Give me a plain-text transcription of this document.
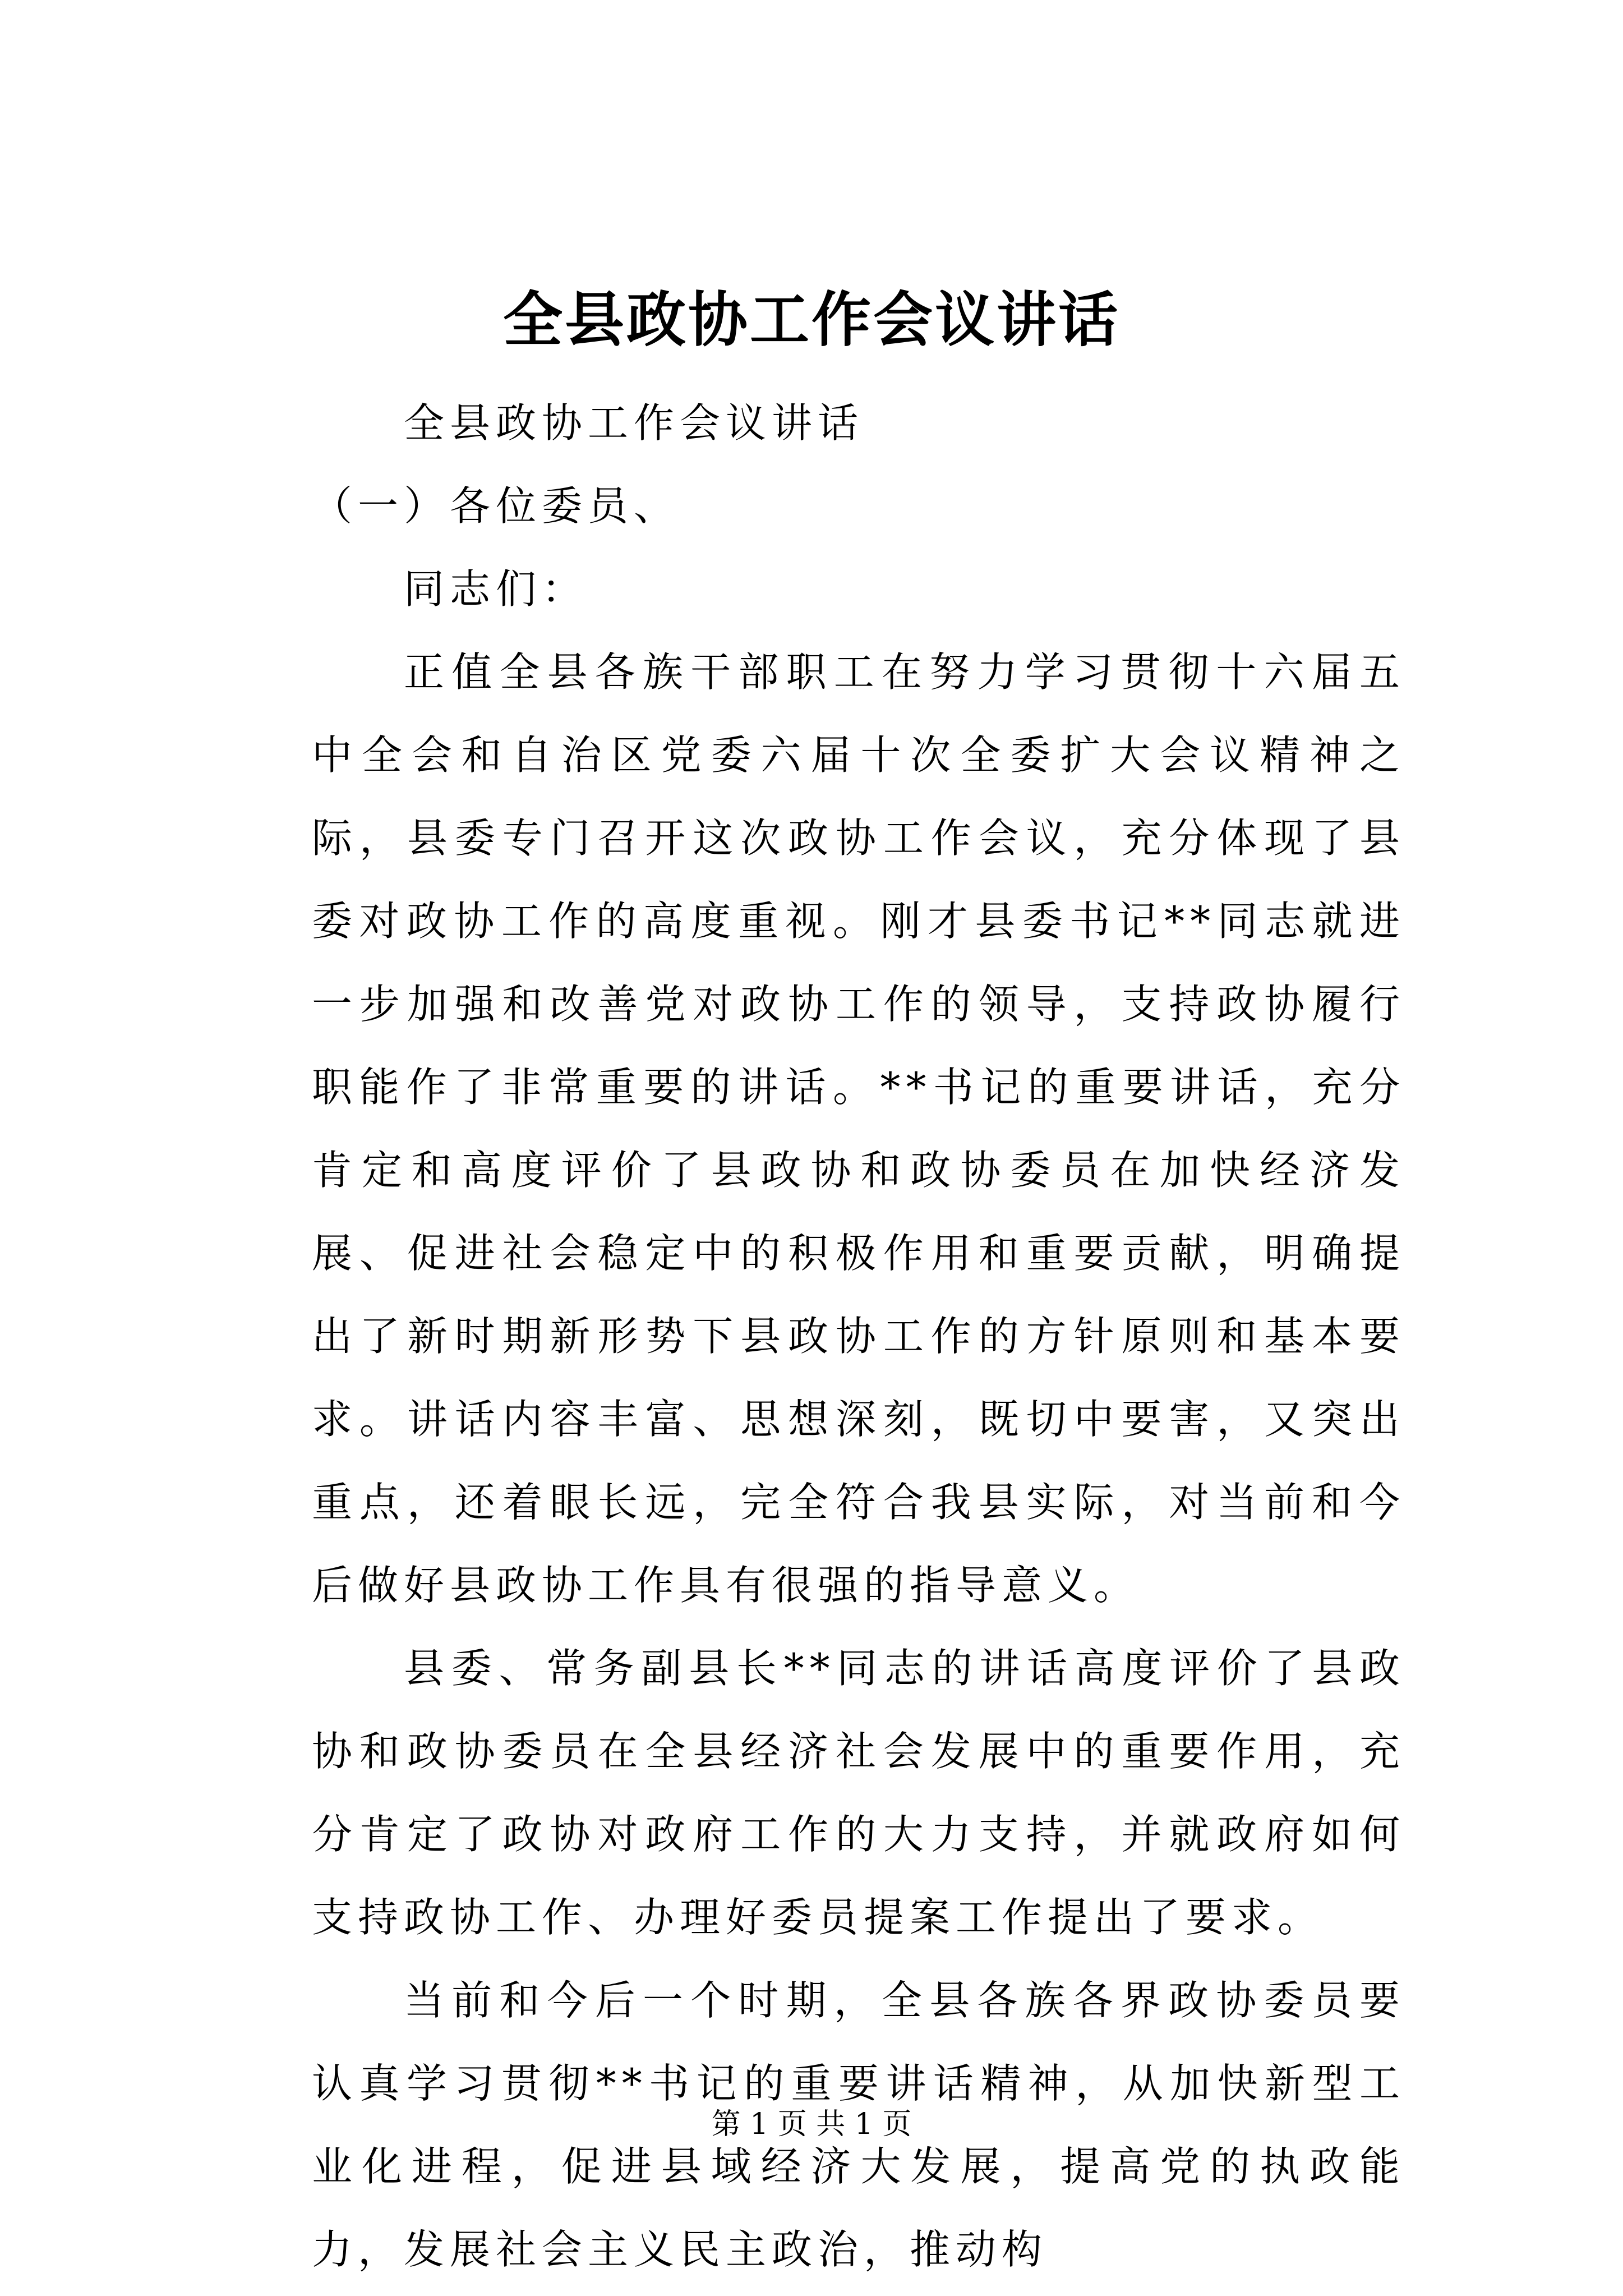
全县政协工作会议讲话

全县政协工作会议讲话

（一）各位委员、

同志们：

正值全县各族干部职工在努力学习贯彻十六届五中全会和自治区党委六届十次全委扩大会议精神之际，县委专门召开这次政协工作会议，充分体现了县委对政协工作的高度重视。刚才县委书记**同志就进一步加强和改善党对政协工作的领导，支持政协履行职能作了非常重要的讲话。**书记的重要讲话，充分肯定和高度评价了县政协和政协委员在加快经济发展、促进社会稳定中的积极作用和重要贡献，明确提出了新时期新形势下县政协工作的方针原则和基本要求。讲话内容丰富、思想深刻，既切中要害，又突出重点，还着眼长远，完全符合我县实际，对当前和今后做好县政协工作具有很强的指导意义。

县委、常务副县长**同志的讲话高度评价了县政协和政协委员在全县经济社会发展中的重要作用，充分肯定了政协对政府工作的大力支持，并就政府如何支持政协工作、办理好委员提案工作提出了要求。

当前和今后一个时期，全县各族各界政协委员要认真学习贯彻**书记的重要讲话精神，从加快新型工业化进程，促进县域经济大发展，提高党的执政能力，发展社会主义民主政治，推动构

第 1 页 共 1 页
